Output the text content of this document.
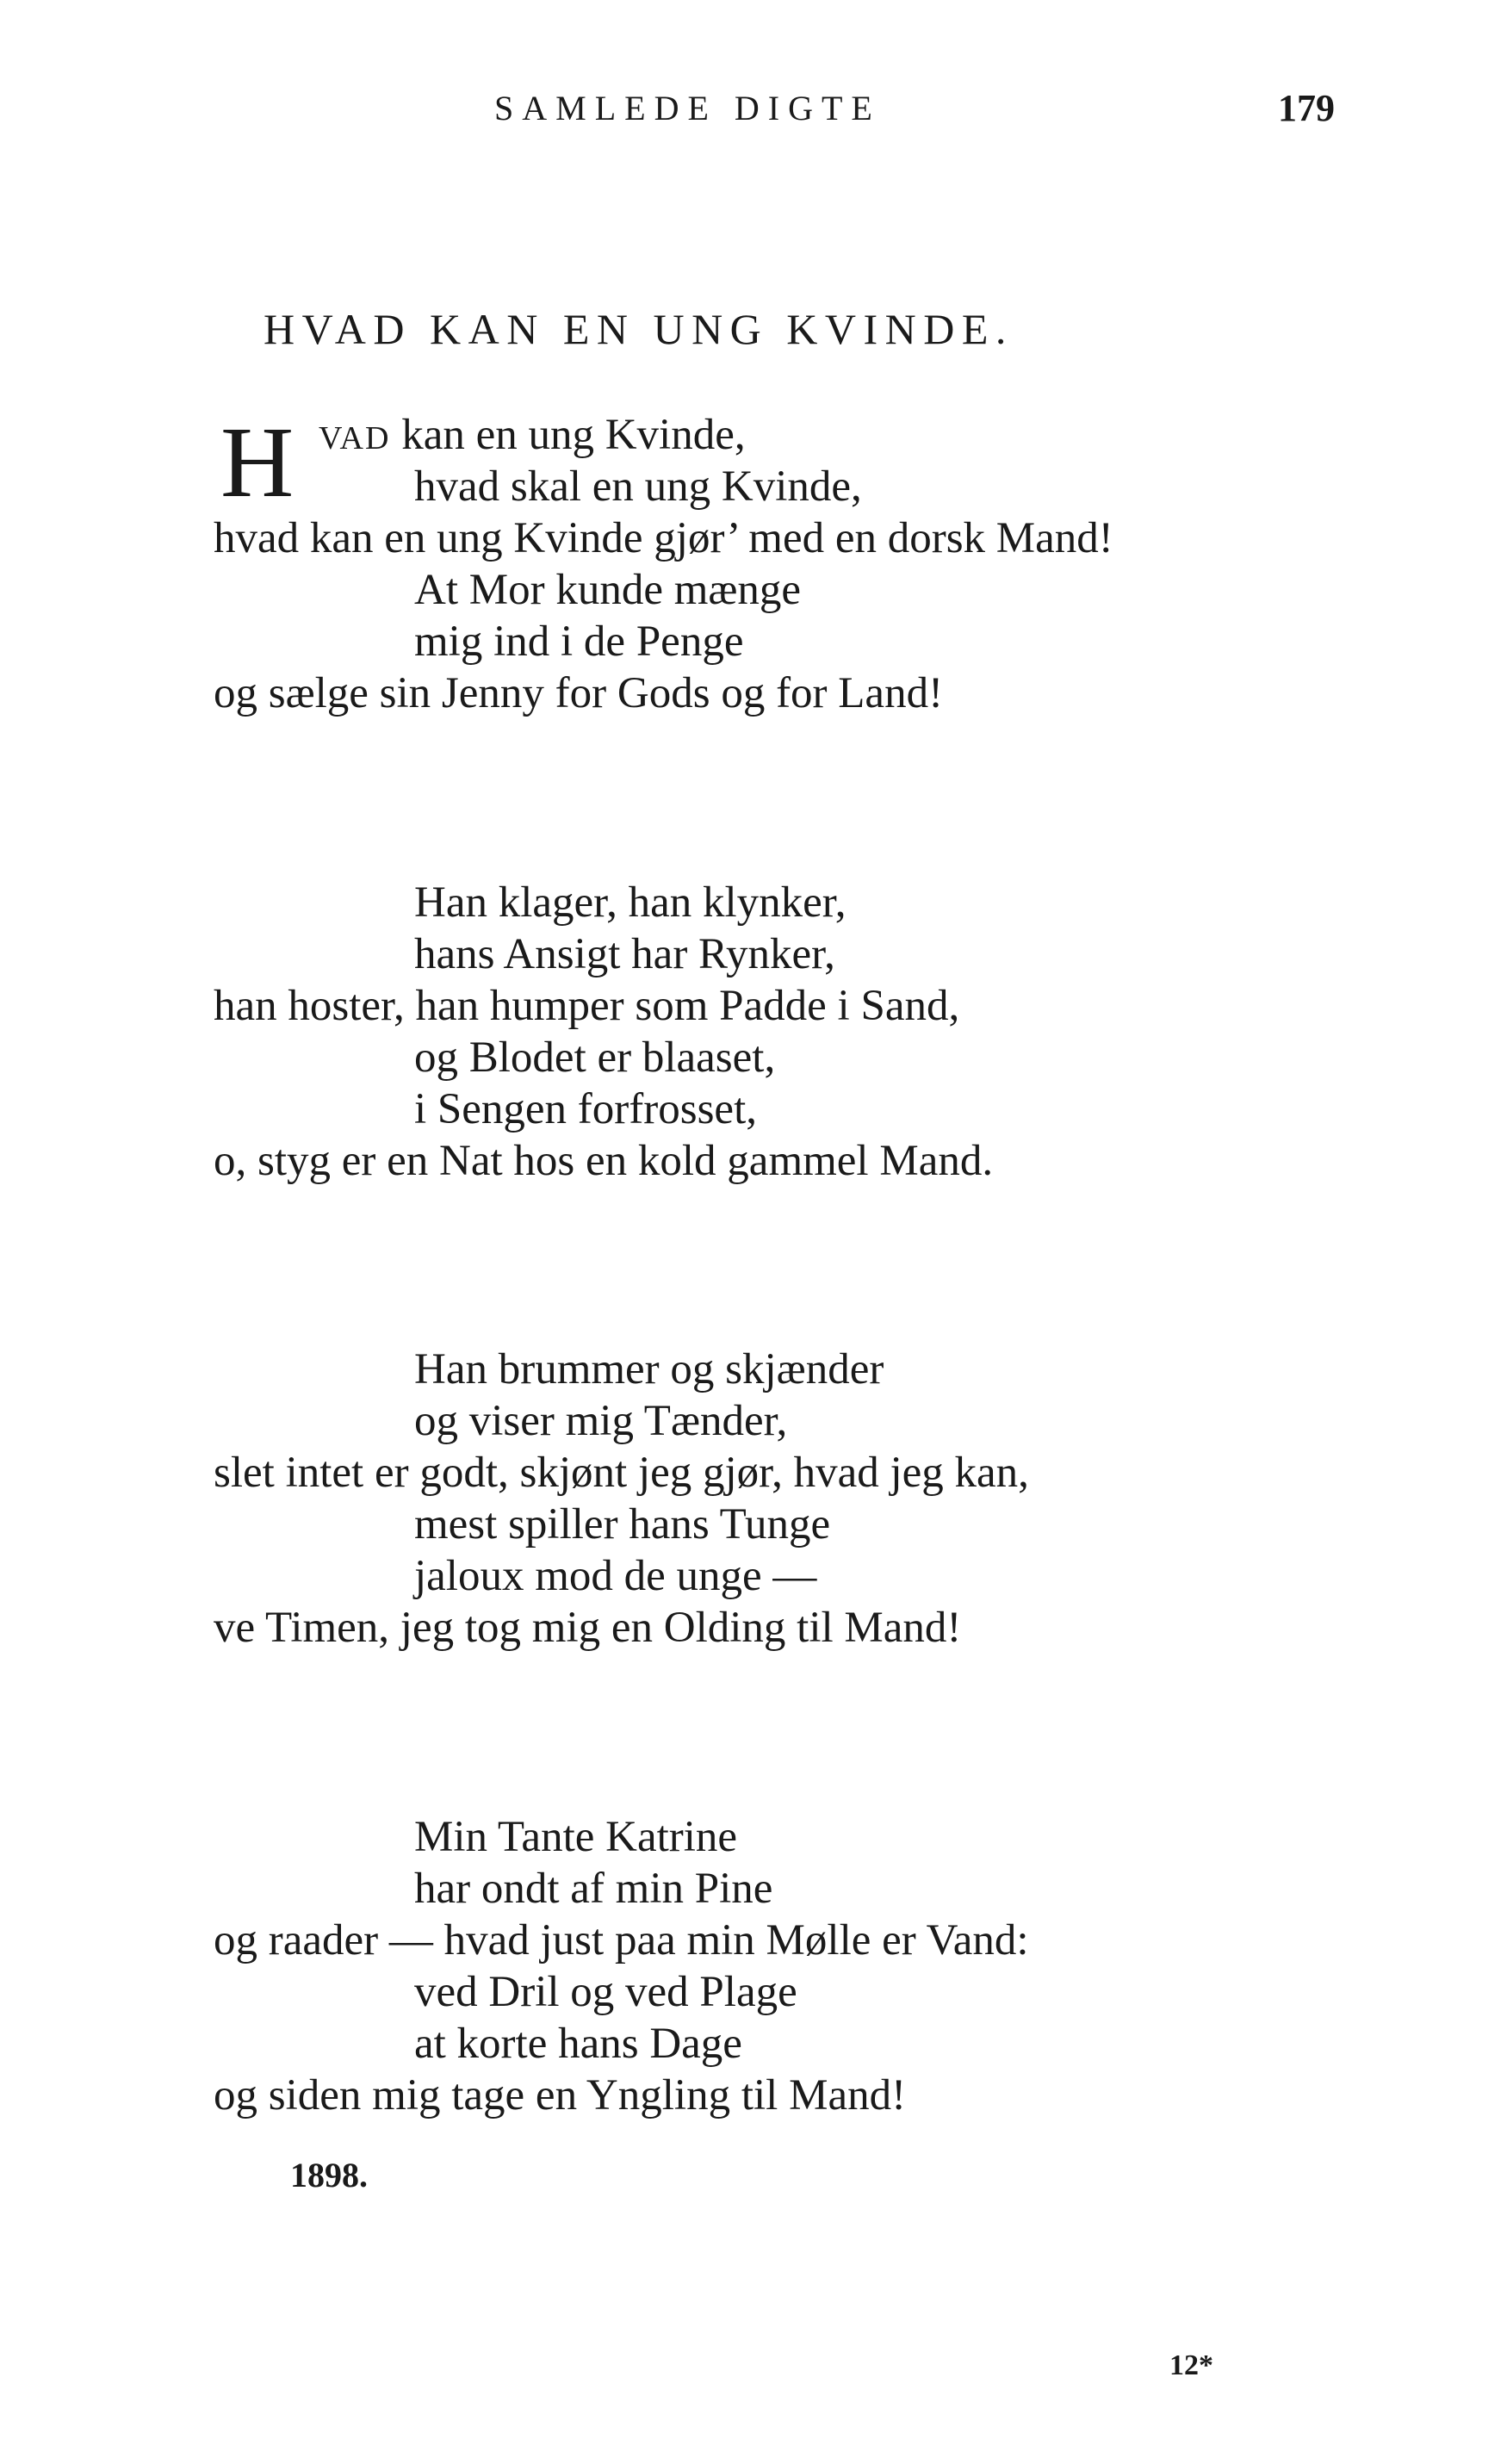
SAMLEDE DIGTE	179
HVAD KAN EN UNG KVINDE.
H VAD kan en ung Kvinde,
hvad skal en ung Kvinde,
hvad kan en ung Kvinde gjør’ med en dorsk Mand!
At Mor kunde mænge
mig ind i de Penge
og sælge sin Jenny for Gods og for Land!
Han klager, han klynker,
hans Ansigt har Rynker,
han hoster, han humper som Padde i Sand,
og Blodet er blaaset,
i Sengen forfrosset,
o, styg er en Nat hos en kold gammel Mand.
Han brummer og skjænder
og viser mig Tænder,
slet intet er godt, skjønt jeg gjør, hvad jeg kan,
mest spiller hans Tunge
jaloux mod de unge —
ve Timen, jeg tog mig en Olding til Mand!
Min Tante Katrine
har ondt af min Pine
og raader — hvad just paa min Mølle er Vand:
ved Dril og ved Plage
at korte hans Dage
og siden mig tage en Yngling til Mand!
1898.
12*
